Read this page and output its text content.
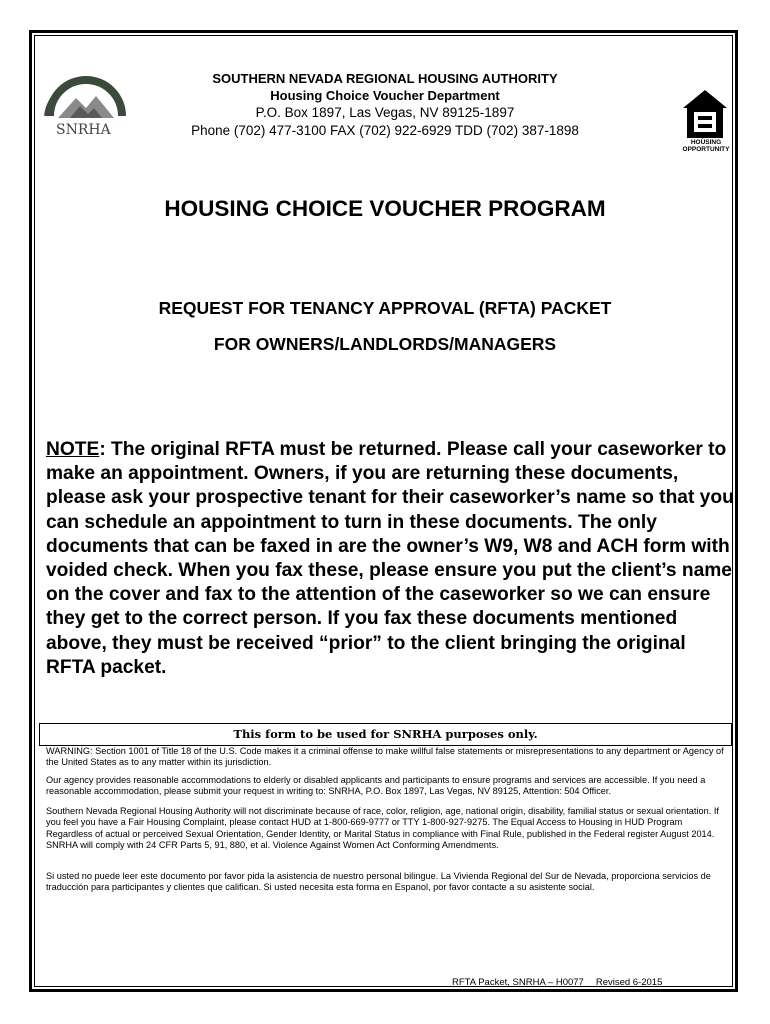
SNRHA	EQUAL HOUSING OPPORTUNITY
SOUTHERN NEVADA REGIONAL HOUSING AUTHORITY
Housing Choice Voucher Department
P.O. Box 1897, Las Vegas, NV 89125-1897
Phone (702) 477-3100 FAX (702) 922-6929 TDD (702) 387-1898
HOUSING CHOICE VOUCHER PROGRAM
REQUEST FOR TENANCY APPROVAL (RFTA) PACKET
FOR OWNERS/LANDLORDS/MANAGERS
NOTE: The original RFTA must be returned. Please call your caseworker to make an appointment. Owners, if you are returning these documents, please ask your prospective tenant for their caseworker’s name so that you can schedule an appointment to turn in these documents. The only documents that can be faxed in are the owner’s W9, W8 and ACH form with voided check. When you fax these, please ensure you put the client’s name on the cover and fax to the attention of the caseworker so we can ensure they get to the correct person. If you fax these documents mentioned above, they must be received “prior” to the client bringing the original RFTA packet.
This form to be used for SNRHA purposes only.
WARNING: Section 1001 of Title 18 of the U.S. Code makes it a criminal offense to make willful false statements or misrepresentations to any department or Agency of the United States as to any matter within its jurisdiction.
Our agency provides reasonable accommodations to elderly or disabled applicants and participants to ensure programs and services are accessible. If you need a reasonable accommodation, please submit your request in writing to: SNRHA, P.O. Box 1897, Las Vegas, NV 89125, Attention: 504 Officer.
Southern Nevada Regional Housing Authority will not discriminate because of race, color, religion, age, national origin, disability, familial status or sexual orientation. If you feel you have a Fair Housing Complaint, please contact HUD at 1-800-669-9777 or TTY 1-800-927-9275. The Equal Access to Housing in HUD Program Regardless of actual or perceived Sexual Orientation, Gender Identity, or Marital Status in compliance with Final Rule, published in the Federal register August 2014. SNRHA will comply with 24 CFR Parts 5, 91, 880, et al. Violence Against Women Act Conforming Amendments.
Si usted no puede leer este documento por favor pida la asistencia de nuestro personal bilingue. La Vivienda Regional del Sur de Nevada, proporciona servicios de traducción para participantes y clientes que califican. Si usted necesita esta forma en Espanol, por favor contacte a su asistente social.
RFTA Packet, SNRHA – H0077 Revised 6-2015
